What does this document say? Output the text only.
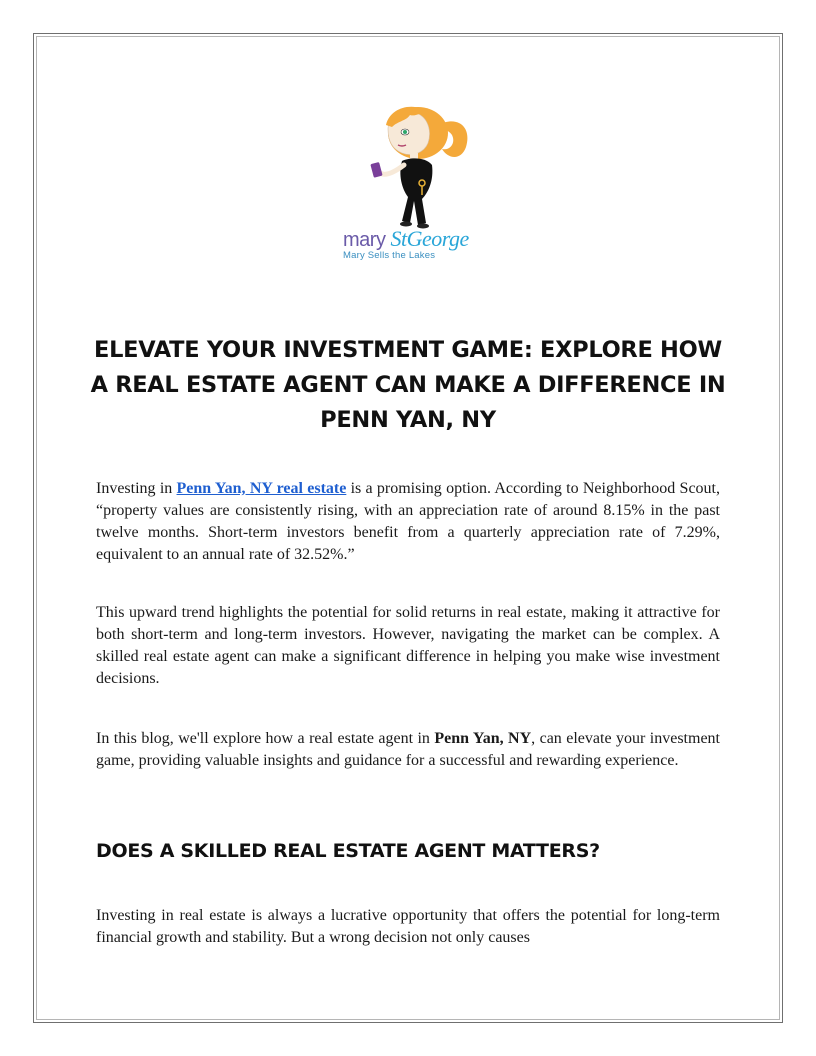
mary StGeorge
Mary Sells the Lakes
ELEVATE YOUR INVESTMENT GAME: EXPLORE HOW A REAL ESTATE AGENT CAN MAKE A DIFFERENCE IN PENN YAN, NY

Investing in Penn Yan, NY real estate is a promising option. According to Neighborhood Scout, “property values are consistently rising, with an appreciation rate of around 8.15% in the past twelve months. Short-term investors benefit from a quarterly appreciation rate of 7.29%, equivalent to an annual rate of 32.52%.”

This upward trend highlights the potential for solid returns in real estate, making it attractive for both short-term and long-term investors. However, navigating the market can be complex. A skilled real estate agent can make a significant difference in helping you make wise investment decisions.

In this blog, we'll explore how a real estate agent in Penn Yan, NY, can elevate your investment game, providing valuable insights and guidance for a successful and rewarding experience.

DOES A SKILLED REAL ESTATE AGENT MATTERS?

Investing in real estate is always a lucrative opportunity that offers the potential for long-term financial growth and stability. But a wrong decision not only causes
